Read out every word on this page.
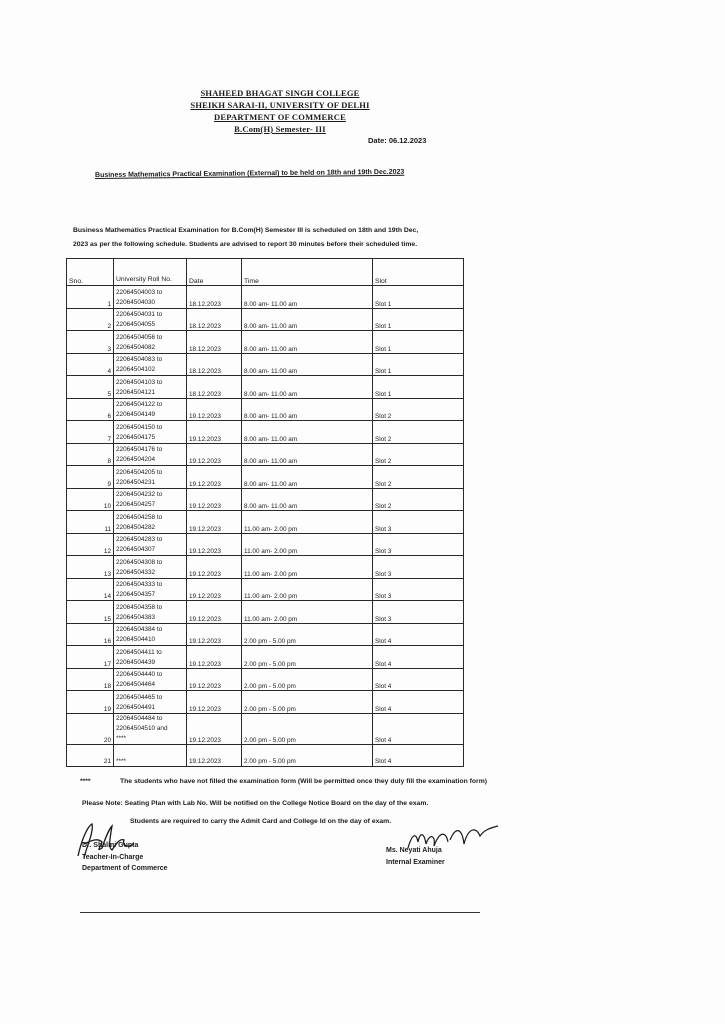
SHAHEED BHAGAT SINGH COLLEGE
SHEIKH SARAI-II, UNIVERSITY OF DELHI
DEPARTMENT OF COMMERCE
B.Com(H) Semester- III
Date: 06.12.2023
Business Mathematics Practical Examination (External) to be held on 18th and 19th Dec.2023
Business Mathematics Practical Examination for B.Com(H) Semester III is scheduled on 18th and 19th Dec,
2023 as per the following schedule. Students are advised to report 30 minutes before their scheduled time.
Sno.	University Roll No.	Date	Time	Slot
1	22064504003 to
22064504030	18.12.2023	8.00 am- 11.00 am	Slot 1
2	22064504031 to
22064504055	18.12.2023	8.00 am- 11.00 am	Slot 1
3	22064504056 to
22064504082	18.12.2023	8.00 am- 11.00 am	Slot 1
4	22064504083 to
22064504102	18.12.2023	8.00 am- 11.00 am	Slot 1
5	22064504103 to
22064504121	18.12.2023	8.00 am- 11.00 am	Slot 1
6	22064504122 to
22064504149	19.12.2023	8.00 am- 11.00 am	Slot 2
7	22064504150 to
22064504175	19.12.2023	8.00 am- 11.00 am	Slot 2
8	22064504176 to
22064504204	19.12.2023	8.00 am- 11.00 am	Slot 2
9	22064504205 to
22064504231	19.12.2023	8.00 am- 11.00 am	Slot 2
10	22064504232 to
22064504257	19.12.2023	8.00 am- 11.00 am	Slot 2
11	22064504258 to
22064504282	19.12.2023	11.00 am- 2.00 pm	Slot 3
12	22064504283 to
22064504307	19.12.2023	11.00 am- 2.00 pm	Slot 3
13	22064504308 to
22064504332	19.12.2023	11.00 am- 2.00 pm	Slot 3
14	22064504333 to
22064504357	19.12.2023	11.00 am- 2.00 pm	Slot 3
15	22064504358 to
22064504383	19.12.2023	11.00 am- 2.00 pm	Slot 3
16	22064504384 to
22064504410	19.12.2023	2.00 pm - 5.00 pm	Slot 4
17	22064504411 to
22064504439	19.12.2023	2.00 pm - 5.00 pm	Slot 4
18	22064504440 to
22064504464	19.12.2023	2.00 pm - 5.00 pm	Slot 4
19	22064504465 to
22064504491	19.12.2023	2.00 pm - 5.00 pm	Slot 4
20	22064504484 to
22064504510 and
****	19.12.2023	2.00 pm - 5.00 pm	Slot 4
21	****	19.12.2023	2.00 pm - 5.00 pm	Slot 4
****	The students who have not filled the examination form (Will be permitted once they duly fill the examination form)
Please Note: Seating Plan with Lab No. Will be notified on the College Notice Board on the day of the exam.
Students are required to carry the Admit Card and College Id on the day of exam.
Dr. Shalini Gupta
Teacher-In-Charge
Department of Commerce
Ms. Neyati Ahuja
Internal Examiner
